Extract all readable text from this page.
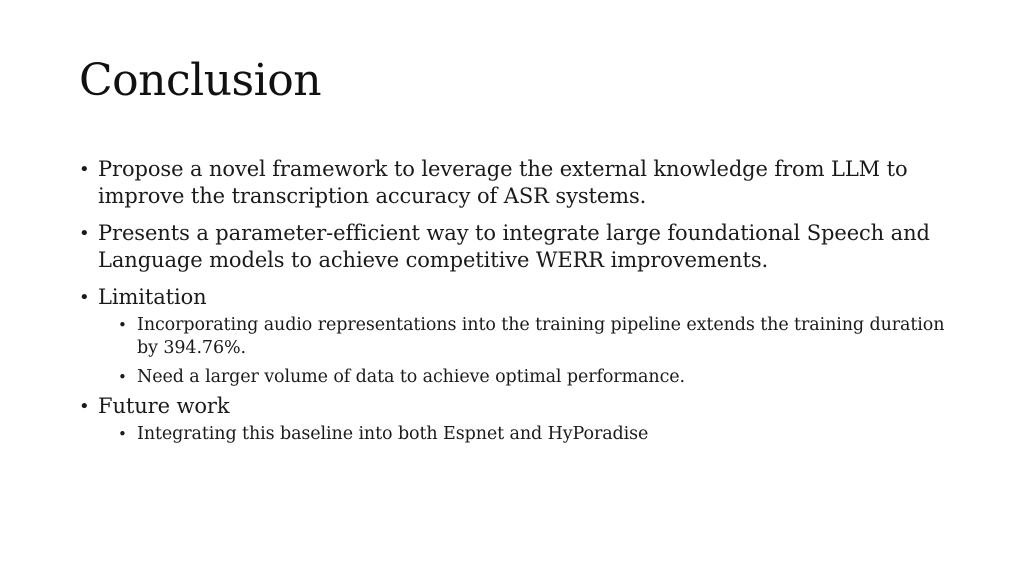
Conclusion
• Propose a novel framework to leverage the external knowledge from LLM to improve the transcription accuracy of ASR systems.
• Presents a parameter-efficient way to integrate large foundational Speech and Language models to achieve competitive WERR improvements.
• Limitation
• Incorporating audio representations into the training pipeline extends the training duration by 394.76%.
• Need a larger volume of data to achieve optimal performance.
• Future work
• Integrating this baseline into both Espnet and HyPoradise
